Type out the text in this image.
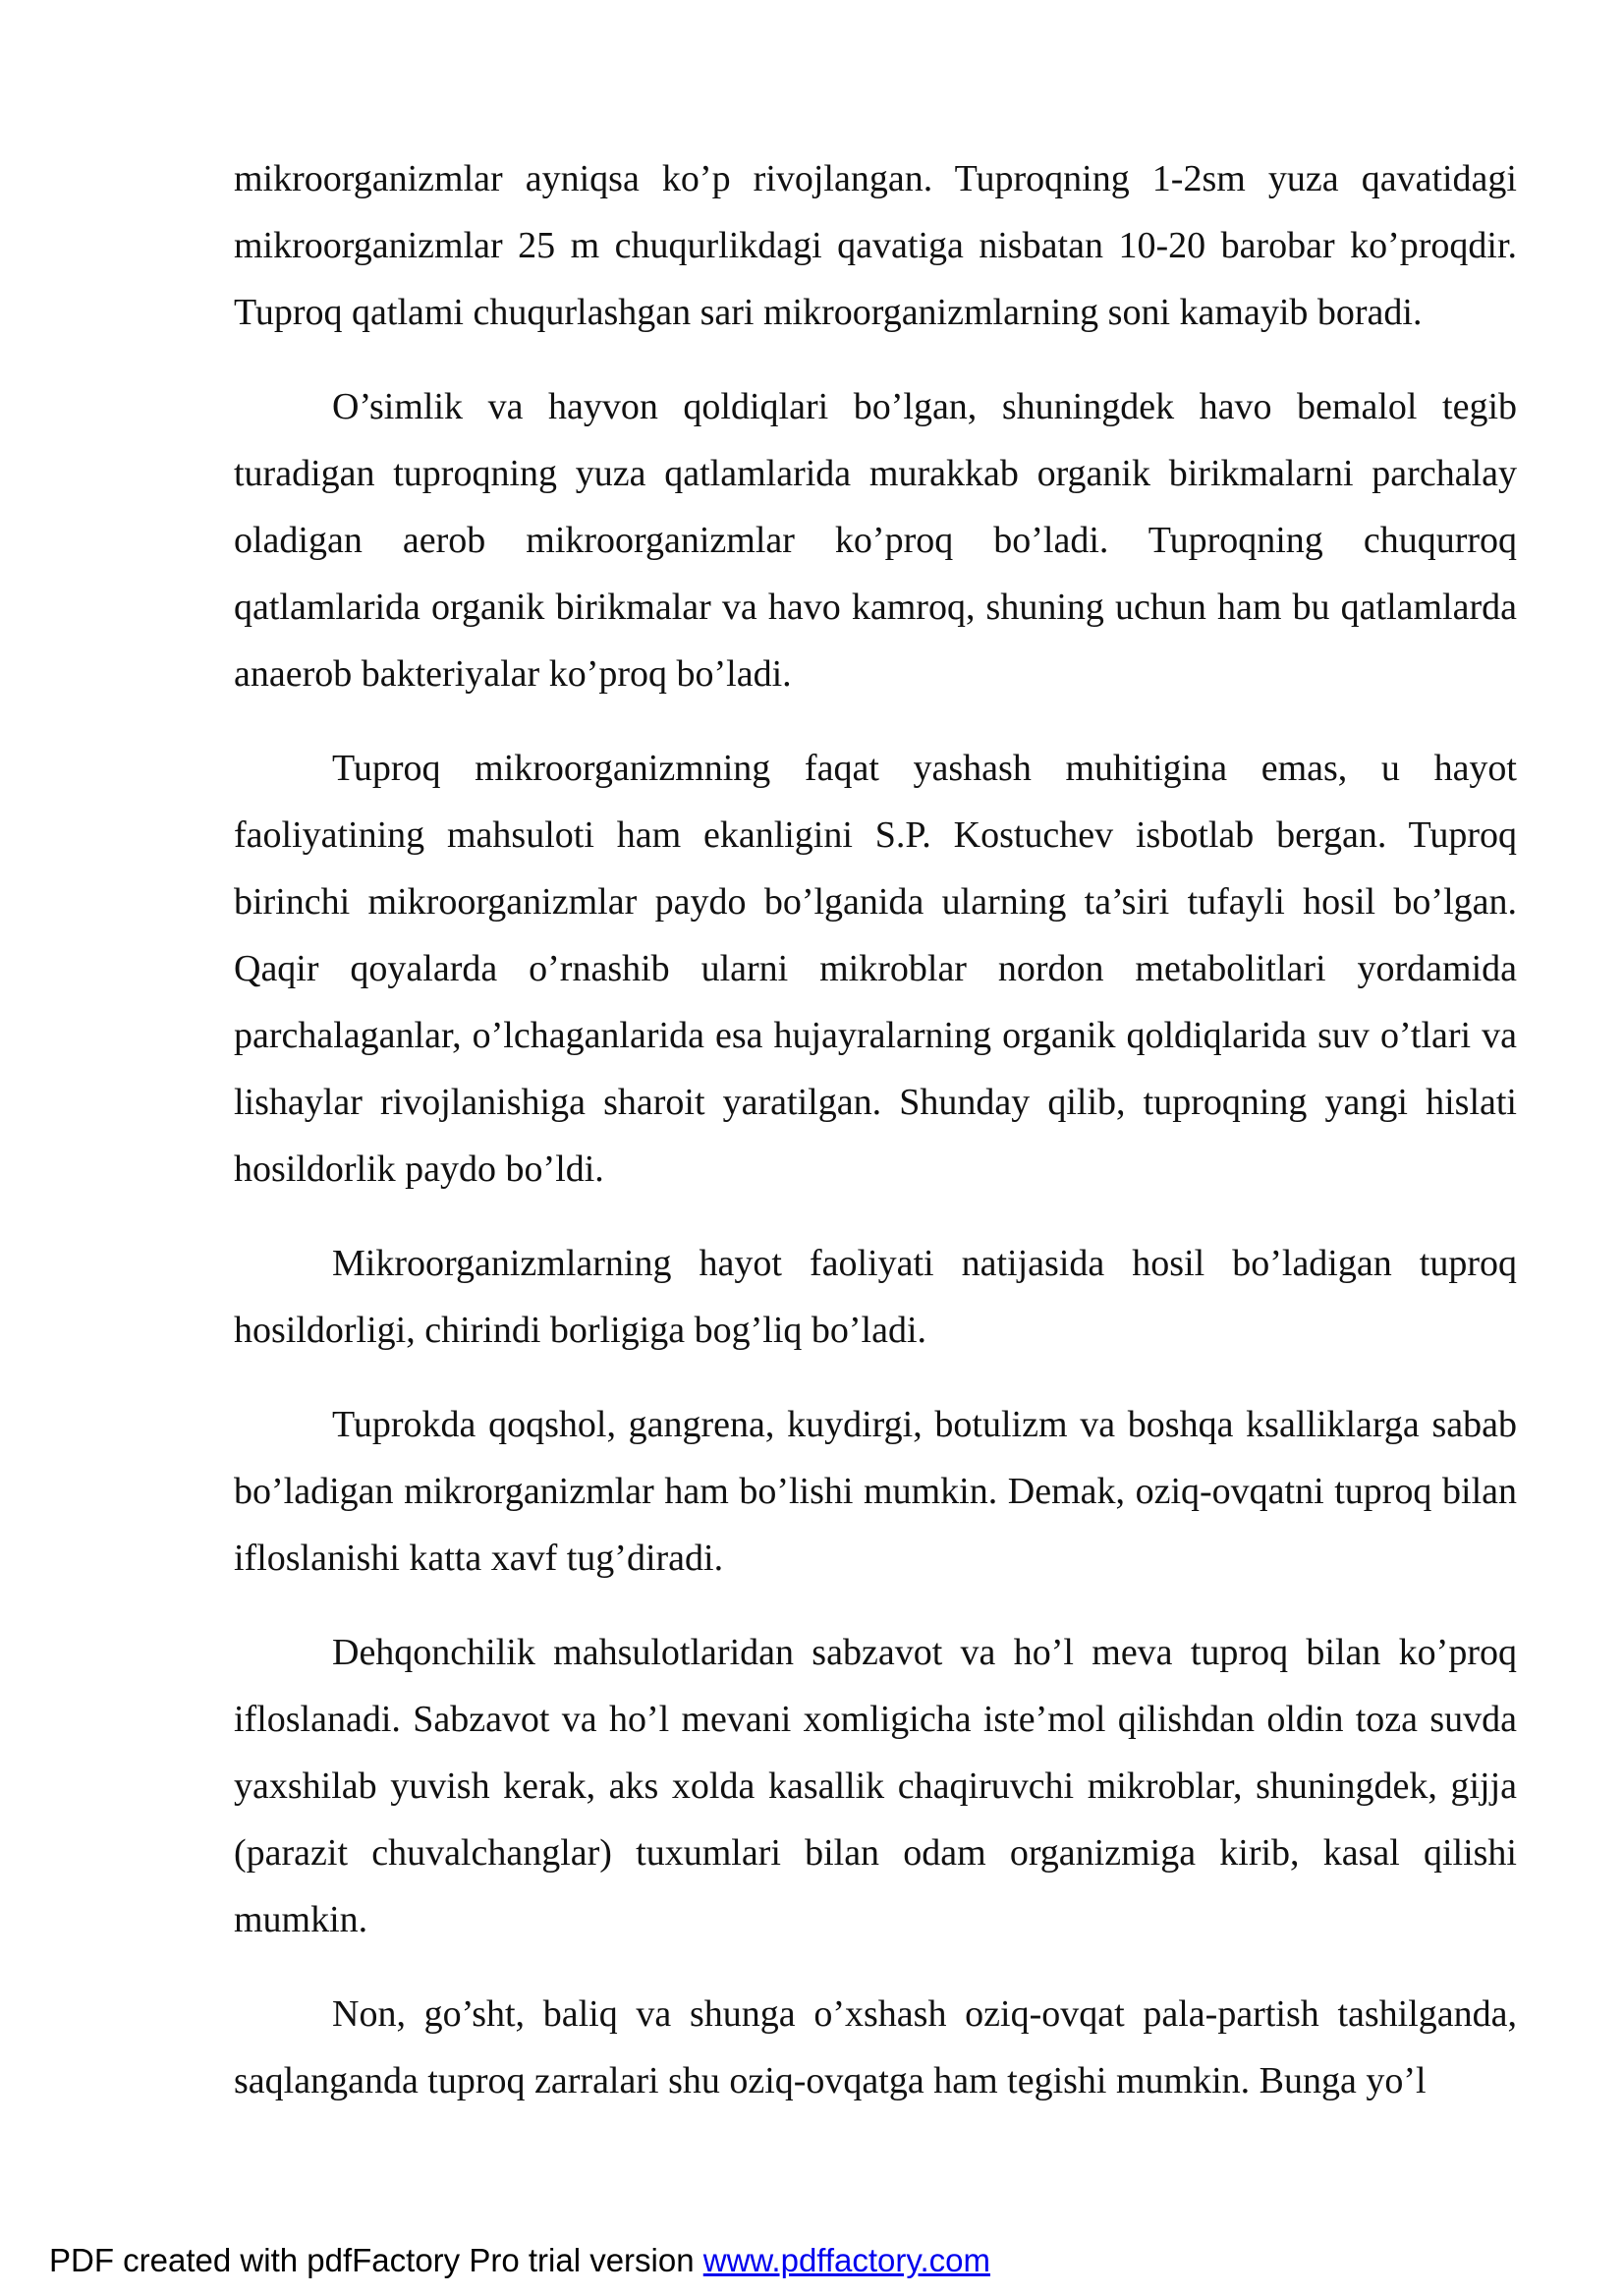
mikroorganizmlar ayniqsa ko’p rivojlangan. Tuproqning 1-2sm yuza qavatidagi mikroorganizmlar 25 m chuqurlikdagi qavatiga nisbatan 10-20 barobar ko’proqdir. Tuproq qatlami chuqurlashgan sari mikroorganizmlarning soni kamayib boradi.

O’simlik va hayvon qoldiqlari bo’lgan, shuningdek havo bemalol tegib turadigan tuproqning yuza qatlamlarida murakkab organik birikmalarni parchalay oladigan aerob mikroorganizmlar ko’proq bo’ladi. Tuproqning chuqurroq qatlamlarida organik birikmalar va havo kamroq, shuning uchun ham bu qatlamlarda anaerob bakteriyalar ko’proq bo’ladi.

Tuproq mikroorganizmning faqat yashash muhitigina emas, u hayot faoliyatining mahsuloti ham ekanligini S.P. Kostuchev isbotlab bergan. Tuproq birinchi mikroorganizmlar paydo bo’lganida ularning ta’siri tufayli hosil bo’lgan. Qaqir qoyalarda o’rnashib ularni mikroblar nordon metabolitlari yordamida parchalaganlar, o’lchaganlarida esa hujayralarning organik qoldiqlarida suv o’tlari va lishaylar rivojlanishiga sharoit yaratilgan. Shunday qilib, tuproqning yangi hislati hosildorlik paydo bo’ldi.

Mikroorganizmlarning hayot faoliyati natijasida hosil bo’ladigan tuproq hosildorligi, chirindi borligiga bog’liq bo’ladi.

Tuprokda qoqshol, gangrena, kuydirgi, botulizm va boshqa ksalliklarga sabab bo’ladigan mikrorganizmlar ham bo’lishi mumkin. Demak, oziq-ovqatni tuproq bilan ifloslanishi katta xavf tug’diradi.

Dehqonchilik mahsulotlaridan sabzavot va ho’l meva tuproq bilan ko’proq ifloslanadi. Sabzavot va ho’l mevani xomligicha iste’mol qilishdan oldin toza suvda yaxshilab yuvish kerak, aks xolda kasallik chaqiruvchi mikroblar, shuningdek, gijja (parazit chuvalchanglar) tuxumlari bilan odam organizmiga kirib, kasal qilishi mumkin.

Non, go’sht, baliq va shunga o’xshash oziq-ovqat pala-partish tashilganda, saqlanganda tuproq zarralari shu oziq-ovqatga ham tegishi mumkin. Bunga yo’l

PDF created with pdfFactory Pro trial version www.pdffactory.com
